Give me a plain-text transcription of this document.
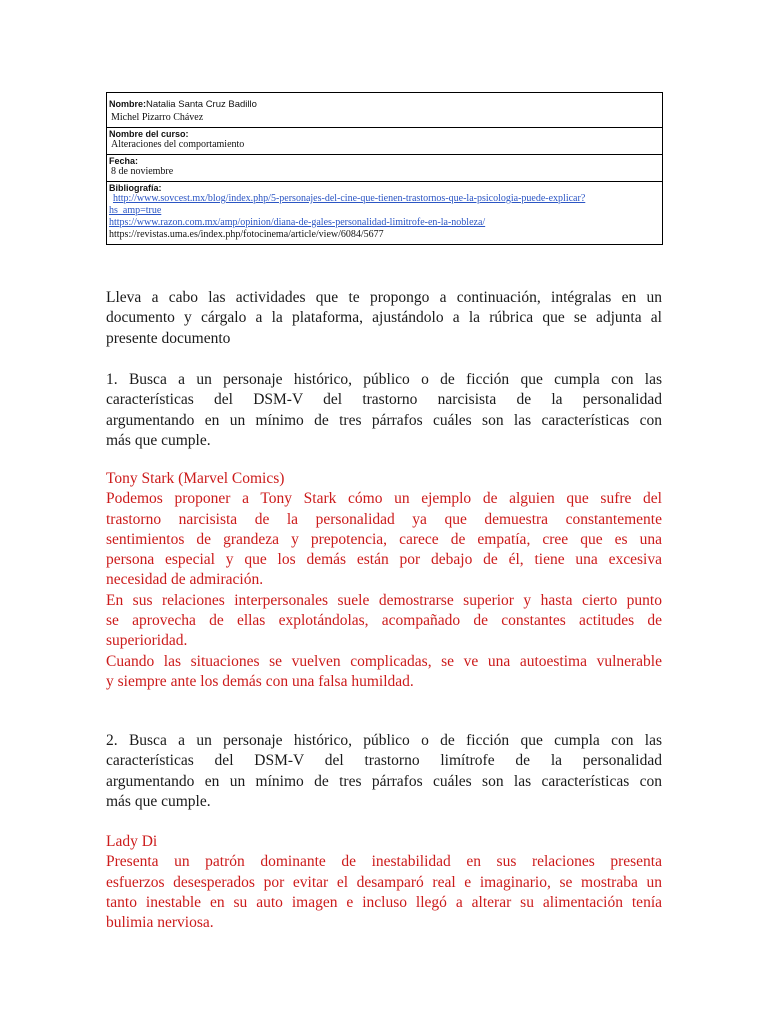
Nombre:Natalia Santa Cruz Badillo
Michel Pizarro Chávez
Nombre del curso:
Alteraciones del comportamiento
Fecha:
8 de noviembre
Bibliografía:
http://www.sovcest.mx/blog/index.php/5-personajes-del-cine-que-tienen-trastornos-que-la-psicologia-puede-explicar?
hs_amp=true
https://www.razon.com.mx/amp/opinion/diana-de-gales-personalidad-limitrofe-en-la-nobleza/
https://revistas.uma.es/index.php/fotocinema/article/view/6084/5677
Lleva a cabo las actividades que te propongo a continuación, intégralas en un
documento y cárgalo a la plataforma, ajustándolo a la rúbrica que se adjunta al
presente documento
1. Busca a un personaje histórico, público o de ficción que cumpla con las
características del DSM-V del trastorno narcisista de la personalidad
argumentando en un mínimo de tres párrafos cuáles son las características con
más que cumple.
Tony Stark (Marvel Comics)
Podemos proponer a Tony Stark cómo un ejemplo de alguien que sufre del
trastorno narcisista de la personalidad ya que demuestra constantemente
sentimientos de grandeza y prepotencia, carece de empatía, cree que es una
persona especial y que los demás están por debajo de él, tiene una excesiva
necesidad de admiración.
En sus relaciones interpersonales suele demostrarse superior y hasta cierto punto
se aprovecha de ellas explotándolas, acompañado de constantes actitudes de
superioridad.
Cuando las situaciones se vuelven complicadas, se ve una autoestima vulnerable
y siempre ante los demás con una falsa humildad.
2. Busca a un personaje histórico, público o de ficción que cumpla con las
características del DSM-V del trastorno limítrofe de la personalidad
argumentando en un mínimo de tres párrafos cuáles son las características con
más que cumple.
Lady Di
Presenta un patrón dominante de inestabilidad en sus relaciones presenta
esfuerzos desesperados por evitar el desamparó real e imaginario, se mostraba un
tanto inestable en su auto imagen e incluso llegó a alterar su alimentación tenía
bulimia nerviosa.
